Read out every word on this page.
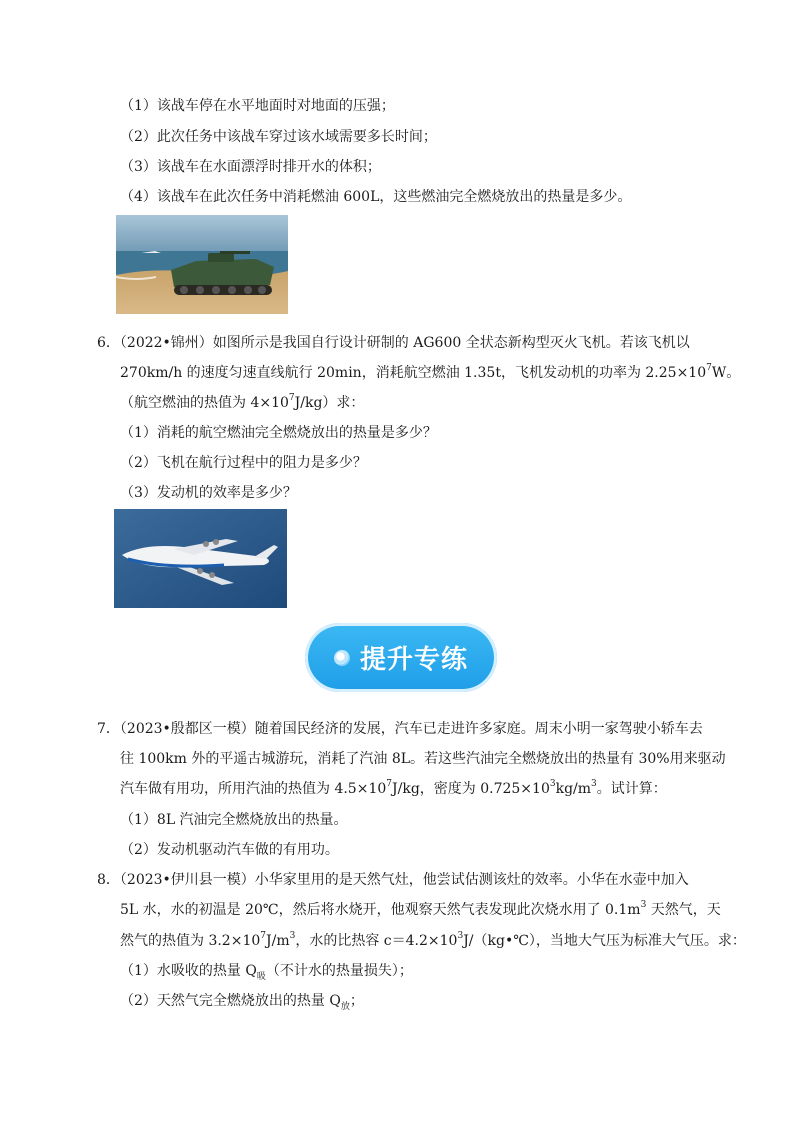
（1）该战车停在水平地面时对地面的压强；
（2）此次任务中该战车穿过该水域需要多长时间；
（3）该战车在水面漂浮时排开水的体积；
（4）该战车在此次任务中消耗燃油 600L，这些燃油完全燃烧放出的热量是多少。
6．（2022•锦州）如图所示是我国自行设计研制的 AG600 全状态新构型灭火飞机。若该飞机以
270km/h 的速度匀速直线航行 20min，消耗航空燃油 1.35t，飞机发动机的功率为 $2.25\times 10^7W$。
（航空燃油的热值为 $4\times 10^7J/kg$）求：
（1）消耗的航空燃油完全燃烧放出的热量是多少？
（2）飞机在航行过程中的阻力是多少？
（3）发动机的效率是多少？
提升专练
7．（2023•殷都区一模）随着国民经济的发展，汽车已走进许多家庭。周末小明一家驾驶小轿车去
往 100km 外的平遥古城游玩，消耗了汽油 8L。若这些汽油完全燃烧放出的热量有 30%用来驱动
汽车做有用功，所用汽油的热值为 $4.5\times 10^7J/kg$，密度为 $0.725\times 10^3kg/m^3$。试计算：
（1）8L 汽油完全燃烧放出的热量。
（2）发动机驱动汽车做的有用功。
8．（2023•伊川县一模）小华家里用的是天然气灶，他尝试估测该灶的效率。小华在水壶中加入
5L 水，水的初温是 20℃，然后将水烧开，他观察天然气表发现此次烧水用了 $0.1m^3$ 天然气，天
然气的热值为 $3.2\times 10^7J/m^3$，水的比热容 $c=4.2\times 10^3J/(kg•℃)$，当地大气压为标准大气压。求：
（1）水吸收的热量 $Q_吸$（不计水的热量损失）；
（2）天然气完全燃烧放出的热量 $Q_放$；
